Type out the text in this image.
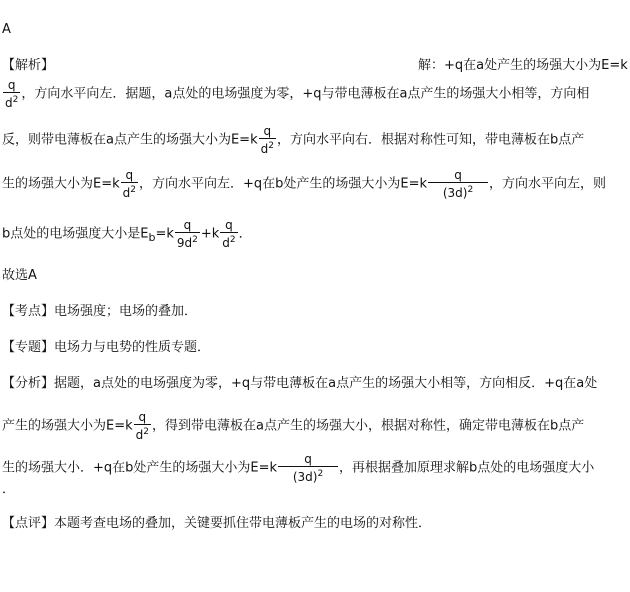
A
【解析】	解：+q在a处产生的场强大小为E=k
$\frac{q}{d^2}$ ，方向水平向左．据题，a点处的电场强度为零，+q与带电薄板在a点产生的场强大小相等，方向相
反，则带电薄板在a点产生的场强大小为$E=k \frac{q}{d^2}$ ，方向水平向右．根据对称性可知，带电薄板在b点产
生的场强大小为$E=k \frac{q}{d^2}$ ，方向水平向左．+q在b处产生的场强大小为$E=k \frac{q}{(3d)^2}$ ，方向水平向左，则
b点处的电场强度大小是$E_b=k \frac{q}{9d^2} +k \frac{q}{d^2}$ ．
故选A
【考点】电场强度；电场的叠加．
【专题】电场力与电势的性质专题．
【分析】据题，a点处的电场强度为零，+q与带电薄板在a点产生的场强大小相等，方向相反．+q在a处
产生的场强大小为$E=k \frac{q}{d^2}$ ，得到带电薄板在a点产生的场强大小，根据对称性，确定带电薄板在b点产
生的场强大小．+q在b处产生的场强大小为$E=k \frac{q}{(3d)^2}$ ，再根据叠加原理求解b点处的电场强度大小
．
【点评】本题考查电场的叠加，关键要抓住带电薄板产生的电场的对称性．
